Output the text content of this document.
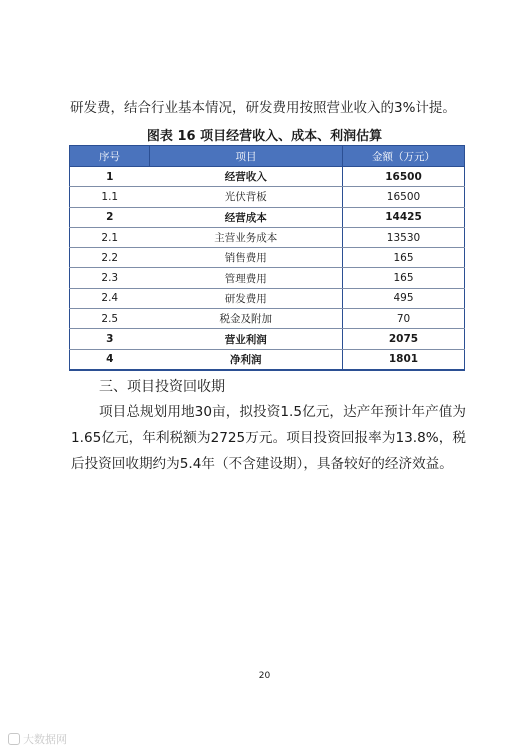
研发费，结合行业基本情况，研发费用按照营业收入的3%计提。
图表 16 项目经营收入、成本、利润估算
序号	项目	金额（万元）
1	经营收入	16500
1.1	光伏背板	16500
2	经营成本	14425
2.1	主营业务成本	13530
2.2	销售费用	165
2.3	管理费用	165
2.4	研发费用	495
2.5	税金及附加	70
3	营业利润	2075
4	净利润	1801
三、项目投资回收期

项目总规划用地30亩，拟投资1.5亿元，达产年预计年产值为1.65亿元，年利税额为2725万元。项目投资回报率为13.8%，税后投资回收期约为5.4年（不含建设期），具备较好的经济效益。

20
大数据网
